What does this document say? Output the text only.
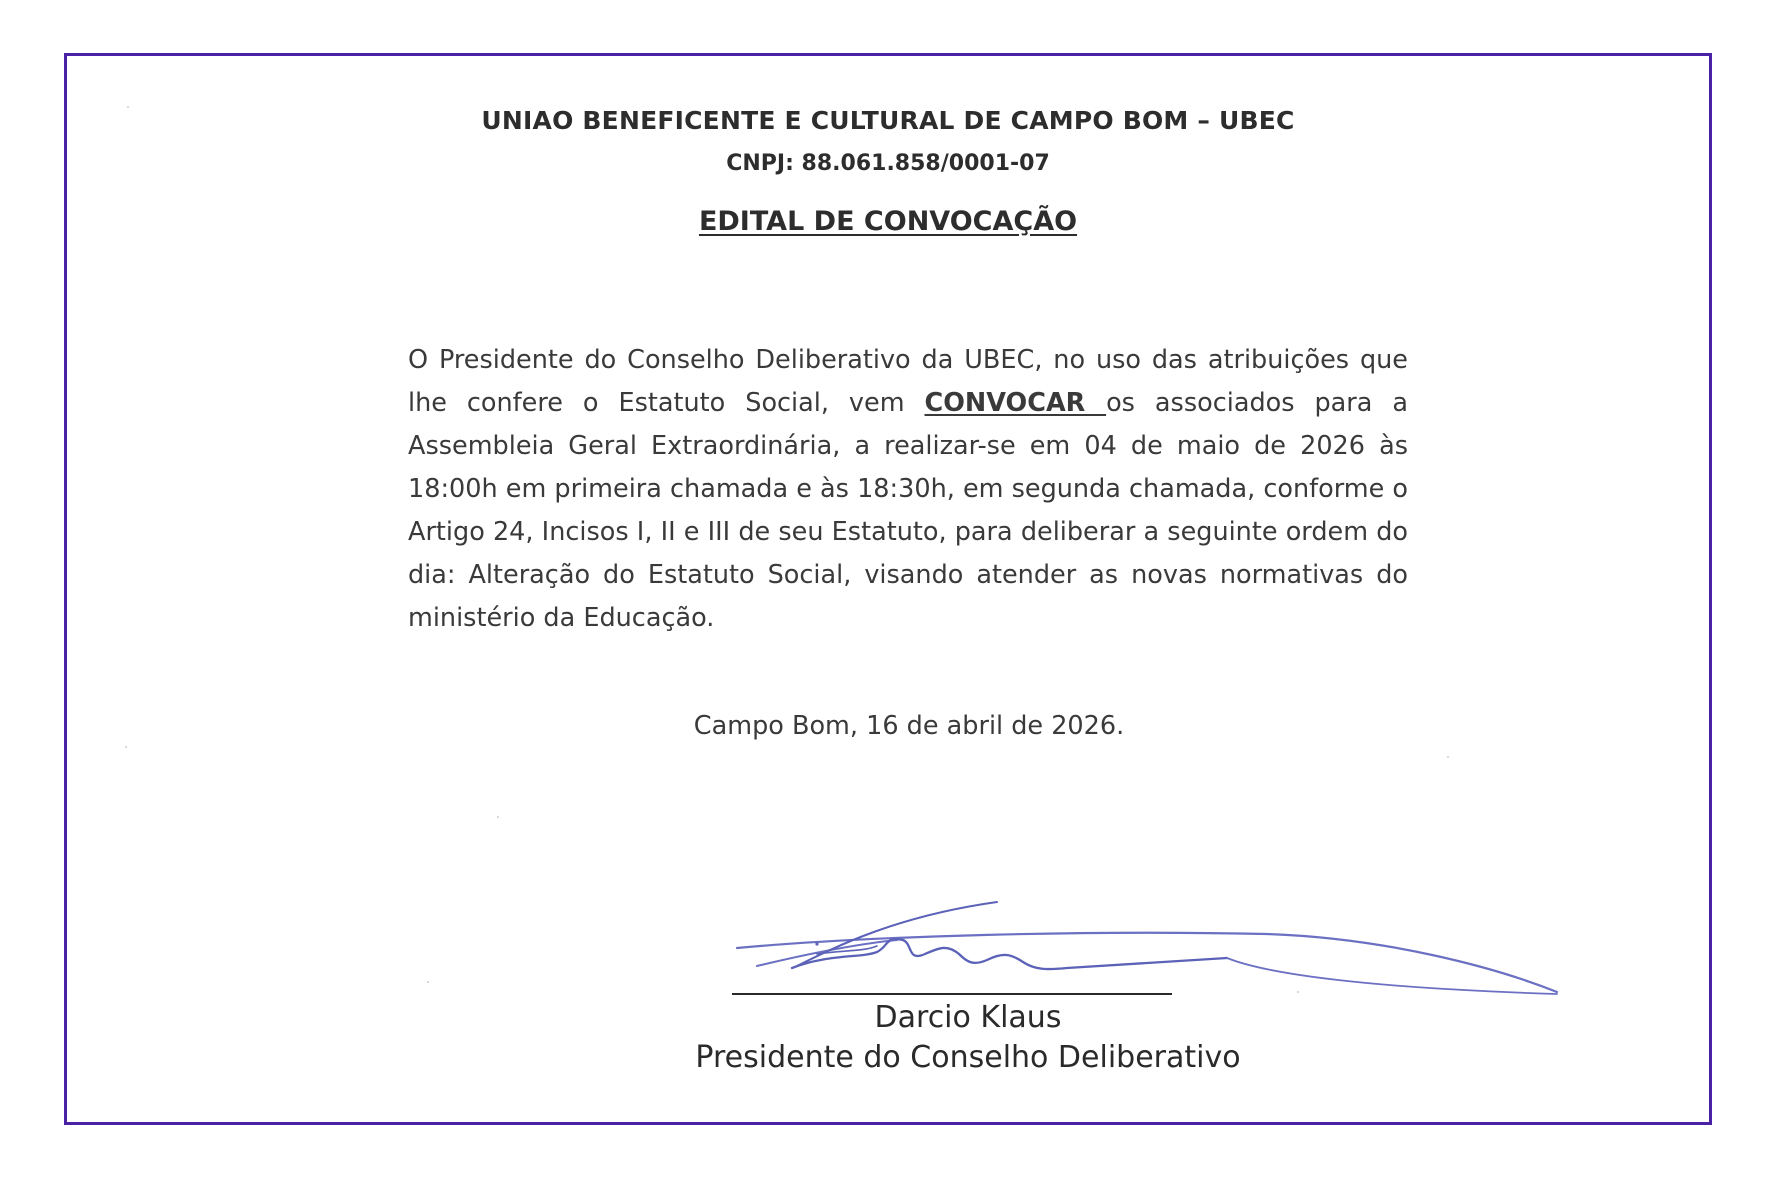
UNIAO BENEFICENTE E CULTURAL DE CAMPO BOM – UBEC
CNPJ: 88.061.858/0001-07
EDITAL DE CONVOCAÇÃO
O Presidente do Conselho Deliberativo da UBEC, no uso das atribuições que lhe confere o Estatuto Social, vem CONVOCAR os associados para a Assembleia Geral Extraordinária, a realizar-se em 04 de maio de 2026 às 18:00h em primeira chamada e às 18:30h, em segunda chamada, conforme o Artigo 24, Incisos I, II e III de seu Estatuto, para deliberar a seguinte ordem do dia: Alteração do Estatuto Social, visando atender as novas normativas do ministério da Educação.
Campo Bom, 16 de abril de 2026.
Darcio Klaus
Presidente do Conselho Deliberativo
